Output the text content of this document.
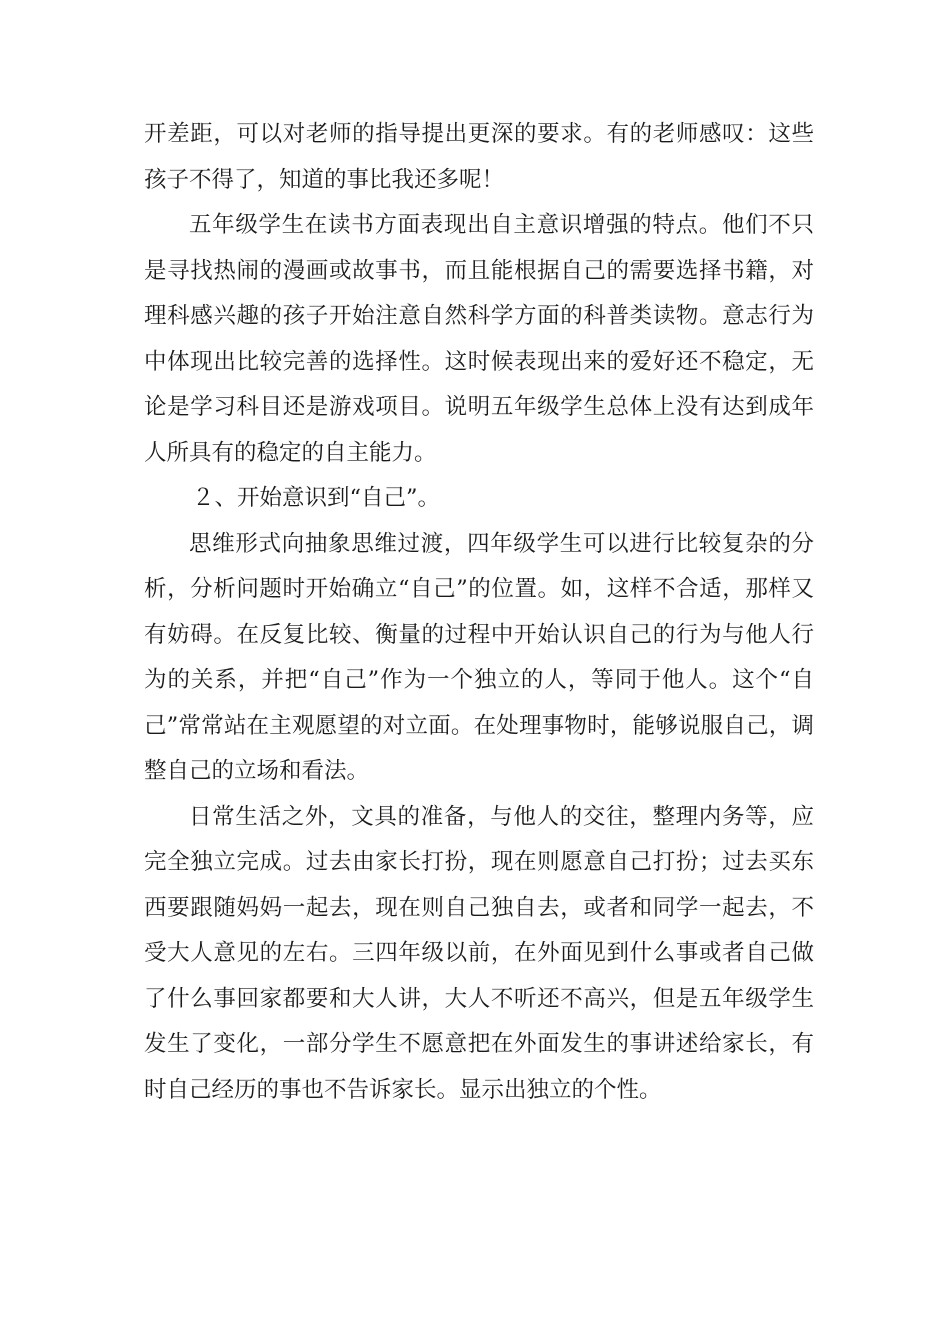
开差距，可以对老师的指导提出更深的要求。有的老师感叹：这些孩子不得了，知道的事比我还多呢！

五年级学生在读书方面表现出自主意识增强的特点。他们不只是寻找热闹的漫画或故事书，而且能根据自己的需要选择书籍，对理科感兴趣的孩子开始注意自然科学方面的科普类读物。意志行为中体现出比较完善的选择性。这时候表现出来的爱好还不稳定，无论是学习科目还是游戏项目。说明五年级学生总体上没有达到成年人所具有的稳定的自主能力。

２、开始意识到“自己”。

思维形式向抽象思维过渡，四年级学生可以进行比较复杂的分析，分析问题时开始确立“自己”的位置。如，这样不合适，那样又有妨碍。在反复比较、衡量的过程中开始认识自己的行为与他人行为的关系，并把“自己”作为一个独立的人，等同于他人。这个“自己”常常站在主观愿望的对立面。在处理事物时，能够说服自己，调整自己的立场和看法。

日常生活之外，文具的准备，与他人的交往，整理内务等，应完全独立完成。过去由家长打扮，现在则愿意自己打扮；过去买东西要跟随妈妈一起去，现在则自己独自去，或者和同学一起去，不受大人意见的左右。三四年级以前，在外面见到什么事或者自己做了什么事回家都要和大人讲，大人不听还不高兴，但是五年级学生发生了变化，一部分学生不愿意把在外面发生的事讲述给家长，有时自己经历的事也不告诉家长。显示出独立的个性。
